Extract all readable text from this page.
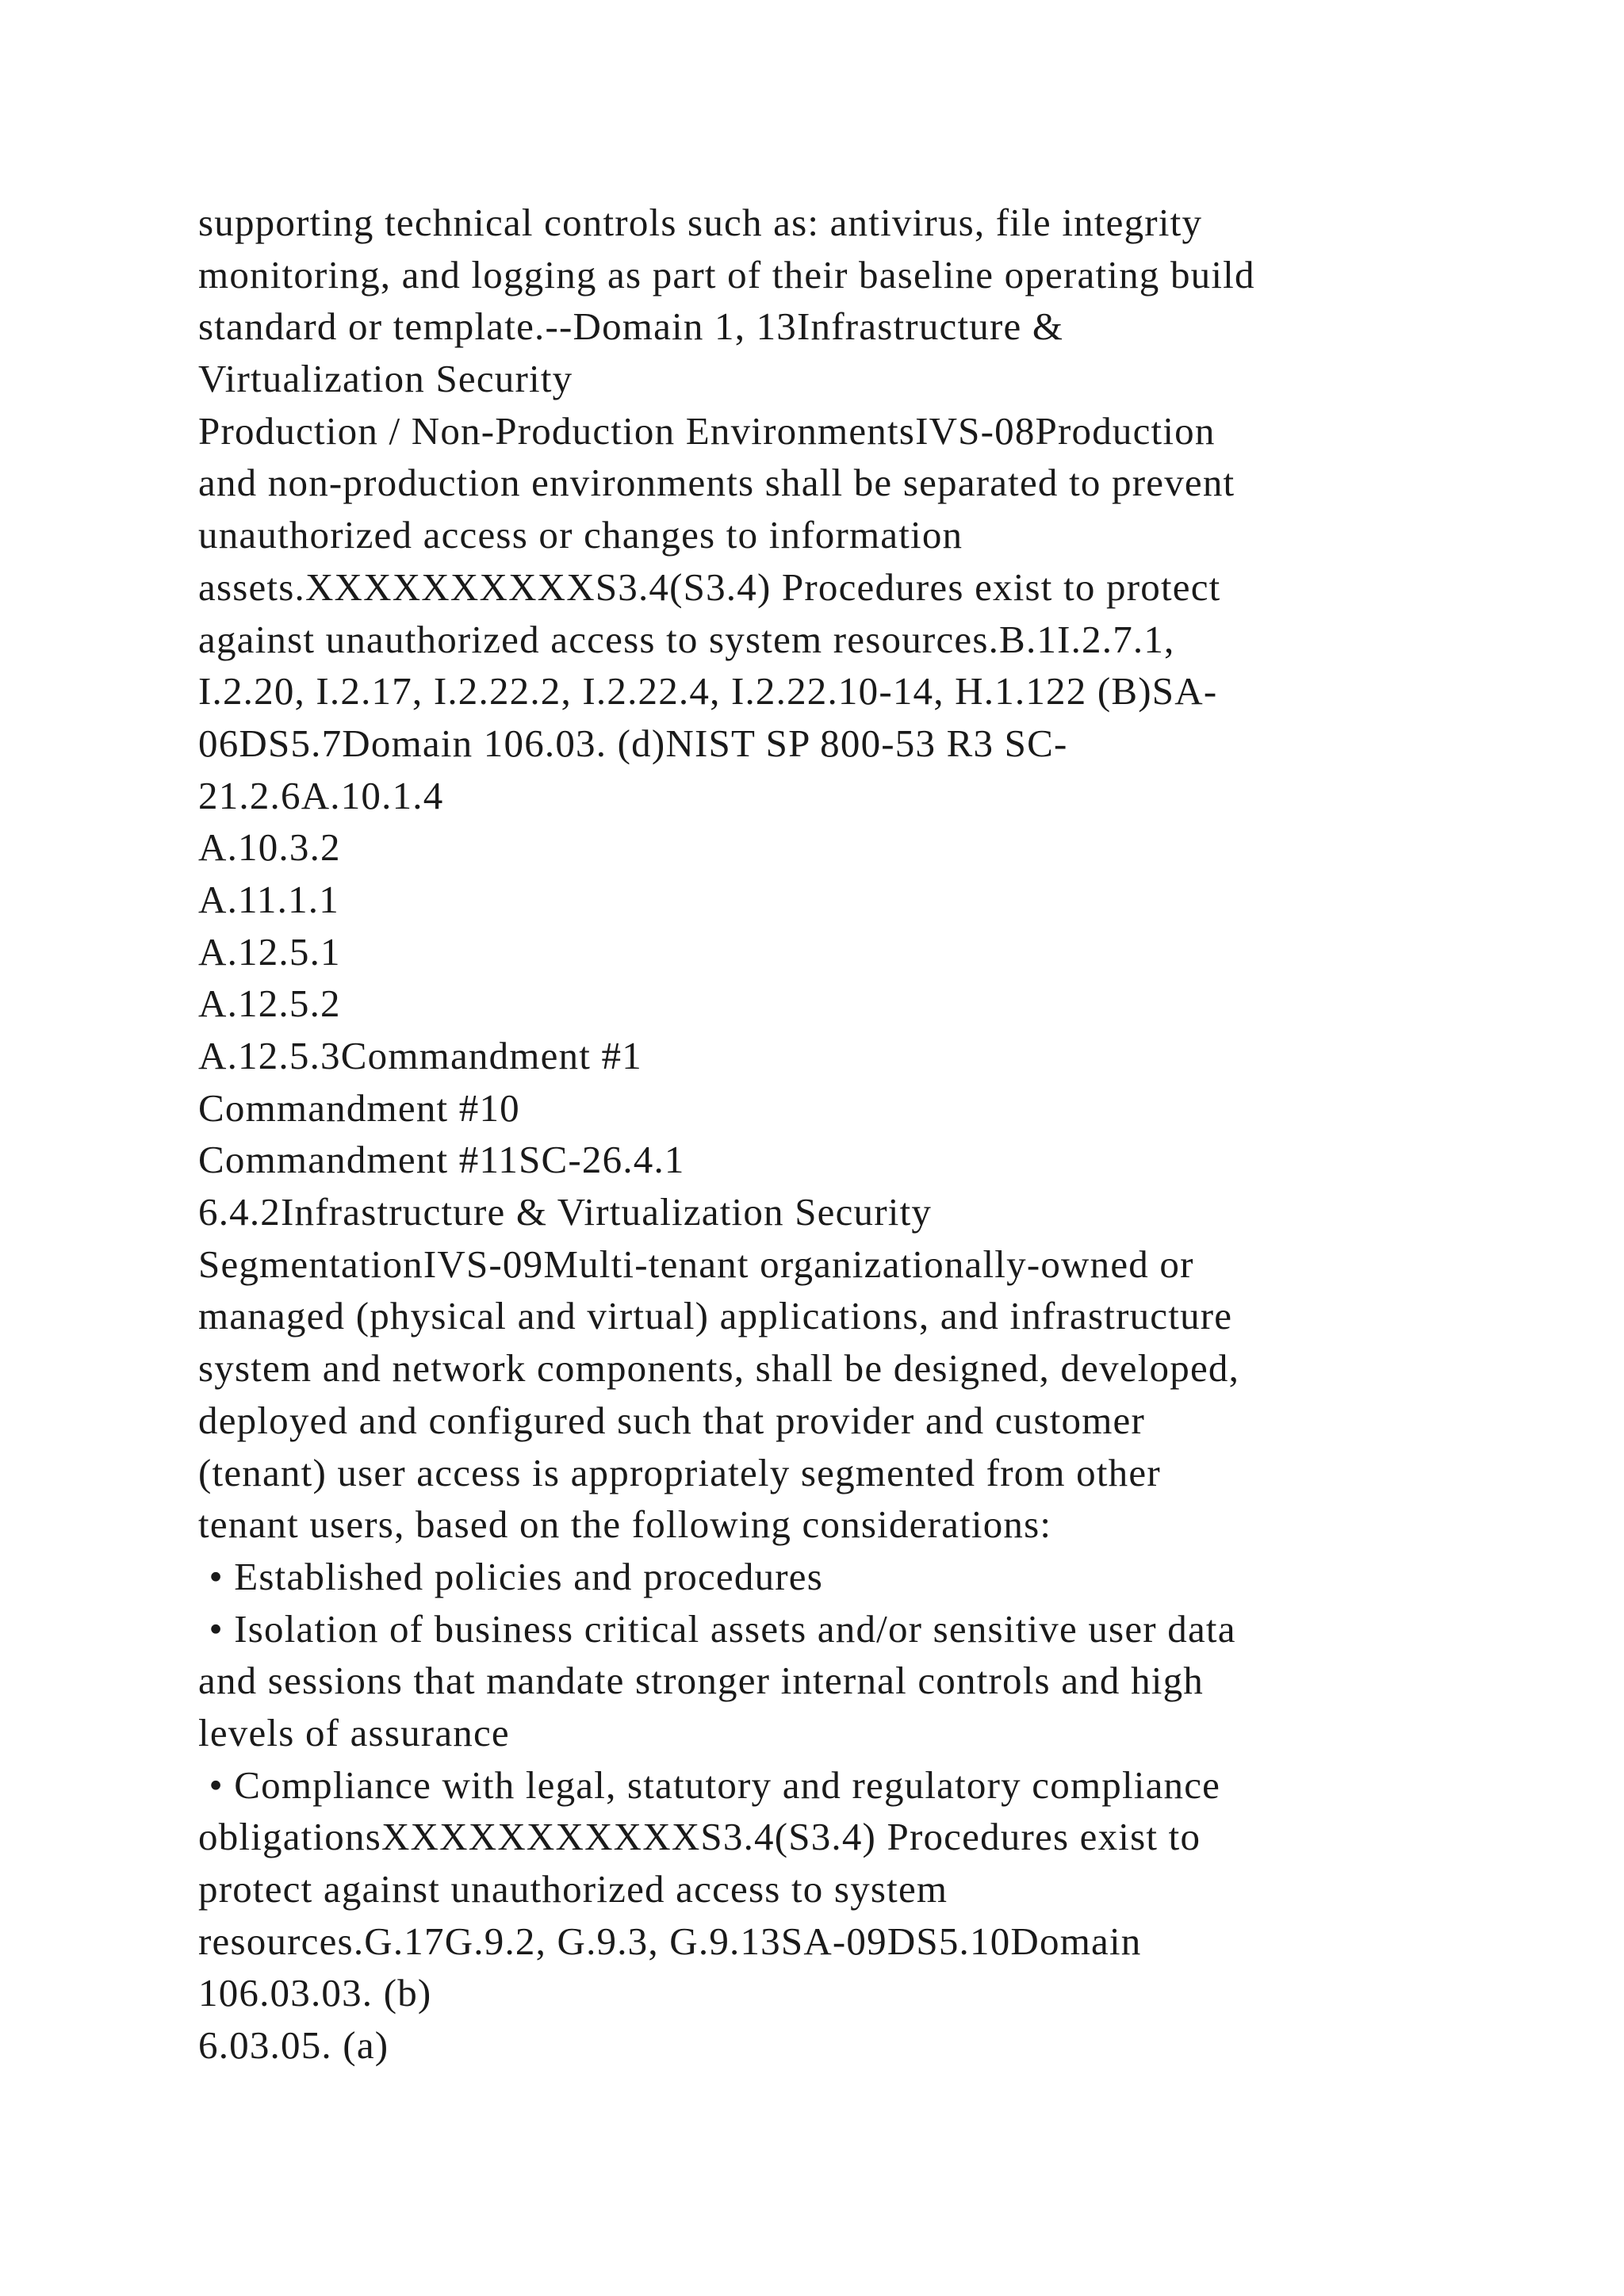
supporting technical controls such as: antivirus, file integrity
monitoring, and logging as part of their baseline operating build
standard or template.--Domain 1, 13Infrastructure &
Virtualization Security
Production / Non-Production EnvironmentsIVS-08Production
and non-production environments shall be separated to prevent
unauthorized access or changes to information
assets.XXXXXXXXXXS3.4(S3.4) Procedures exist to protect
against unauthorized access to system resources.B.1I.2.7.1,
I.2.20, I.2.17, I.2.22.2, I.2.22.4, I.2.22.10-14, H.1.122 (B)SA-
06DS5.7Domain 106.03. (d)NIST SP 800-53 R3 SC-
21.2.6A.10.1.4
A.10.3.2
A.11.1.1
A.12.5.1
A.12.5.2
A.12.5.3Commandment #1
Commandment #10
Commandment #11SC-26.4.1
6.4.2Infrastructure & Virtualization Security
SegmentationIVS-09Multi-tenant organizationally-owned or
managed (physical and virtual) applications, and infrastructure
system and network components, shall be designed, developed,
deployed and configured such that provider and customer
(tenant) user access is appropriately segmented from other
tenant users, based on the following considerations:
• Established policies and procedures
• Isolation of business critical assets and/or sensitive user data
and sessions that mandate stronger internal controls and high
levels of assurance
• Compliance with legal, statutory and regulatory compliance
obligationsXXXXXXXXXXXS3.4(S3.4) Procedures exist to
protect against unauthorized access to system
resources.G.17G.9.2, G.9.3, G.9.13SA-09DS5.10Domain
106.03.03. (b)
6.03.05. (a)
